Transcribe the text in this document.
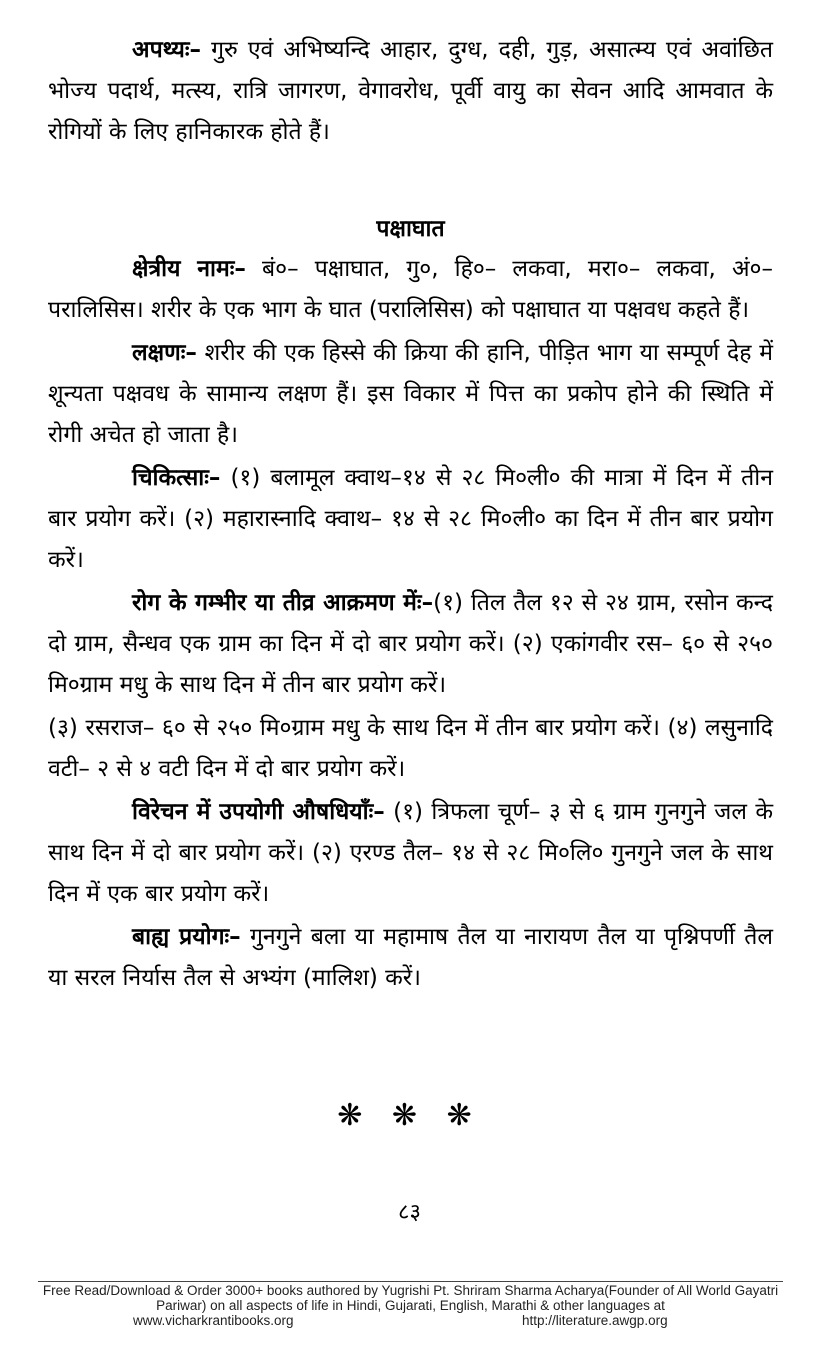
अपथ्यः– गुरु एवं अभिष्यन्दि आहार, दुग्ध, दही, गुड़, असात्म्य एवं अवांछित भोज्य पदार्थ, मत्स्य, रात्रि जागरण, वेगावरोध, पूर्वी वायु का सेवन आदि आमवात के रोगियों के लिए हानिकारक होते हैं।

पक्षाघात

क्षेत्रीय नामः– बं०– पक्षाघात, गु०, हि०– लकवा, मरा०– लकवा, अं०– परालिसिस। शरीर के एक भाग के घात (परालिसिस) को पक्षाघात या पक्षवध कहते हैं।

लक्षणः– शरीर की एक हिस्से की क्रिया की हानि, पीड़ित भाग या सम्पूर्ण देह में शून्यता पक्षवध के सामान्य लक्षण हैं। इस विकार में पित्त का प्रकोप होने की स्थिति में रोगी अचेत हो जाता है।

चिकित्साः– (१) बलामूल क्वाथ–१४ से २८ मि०ली० की मात्रा में दिन में तीन बार प्रयोग करें। (२) महारास्नादि क्वाथ– १४ से २८ मि०ली० का दिन में तीन बार प्रयोग करें।

रोग के गम्भीर या तीव्र आक्रमण मेंः–(१) तिल तैल १२ से २४ ग्राम, रसोन कन्द दो ग्राम, सैन्धव एक ग्राम का दिन में दो बार प्रयोग करें। (२) एकांगवीर रस– ६० से २५० मि०ग्राम मधु के साथ दिन में तीन बार प्रयोग करें।

(३) रसराज– ६० से २५० मि०ग्राम मधु के साथ दिन में तीन बार प्रयोग करें। (४) लसुनादि वटी– २ से ४ वटी दिन में दो बार प्रयोग करें।

विरेचन में उपयोगी औषधियाँः– (१) त्रिफला चूर्ण– ३ से ६ ग्राम गुनगुने जल के साथ दिन में दो बार प्रयोग करें। (२) एरण्ड तैल– १४ से २८ मि०लि० गुनगुने जल के साथ दिन में एक बार प्रयोग करें।

बाह्य प्रयोगः– गुनगुने बला या महामाष तैल या नारायण तैल या पृश्निपर्णी तैल या सरल निर्यास तैल से अभ्यंग (मालिश) करें।

❋ ❋ ❋
८३
Free Read/Download & Order 3000+ books authored by Yugrishi Pt. Shriram Sharma Acharya(Founder of All World Gayatri Pariwar) on all aspects of life in Hindi, Gujarati, English, Marathi & other languages at
www.vicharkrantibooks.org	http://literature.awgp.org
